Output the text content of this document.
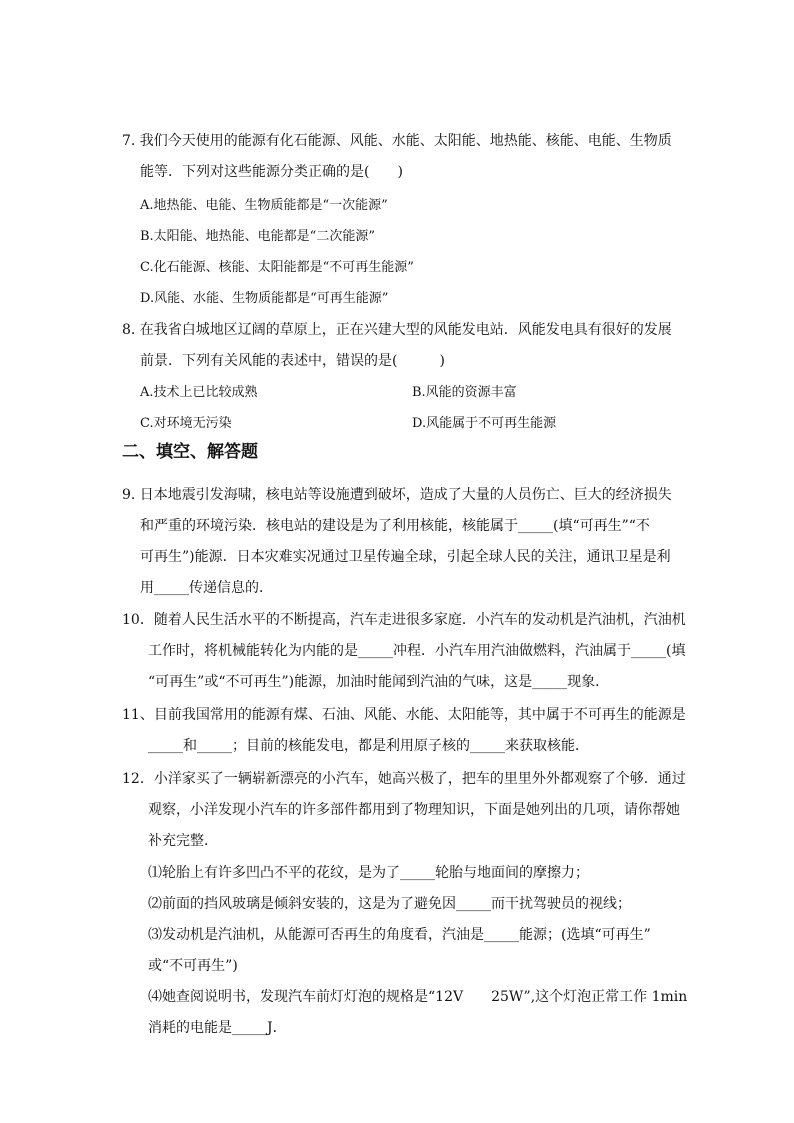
7. 我们今天使用的能源有化石能源、风能、水能、太阳能、地热能、核能、电能、生物质
能等．下列对这些能源分类正确的是(　　)
A.地热能、电能、生物质能都是“一次能源”
B.太阳能、地热能、电能都是“二次能源”
C.化石能源、核能、太阳能都是“不可再生能源”
D.风能、水能、生物质能都是“可再生能源”
8. 在我省白城地区辽阔的草原上，正在兴建大型的风能发电站．风能发电具有很好的发展
前景．下列有关风能的表述中，错误的是(　　　)
A.技术上已比较成熟	B.风能的资源丰富
C.对环境无污染	D.风能属于不可再生能源
二、填空、解答题
9. 日本地震引发海啸，核电站等设施遭到破坏，造成了大量的人员伤亡、巨大的经济损失
和严重的环境污染．核电站的建设是为了利用核能，核能属于_____(填“可再生”“不
可再生”)能源．日本灾难实况通过卫星传遍全球，引起全球人民的关注，通讯卫星是利
用_____传递信息的．
10．随着人民生活水平的不断提高，汽车走进很多家庭．小汽车的发动机是汽油机，汽油机
工作时，将机械能转化为内能的是_____冲程．小汽车用汽油做燃料，汽油属于_____(填
“可再生”或“不可再生”)能源，加油时能闻到汽油的气味，这是_____现象．
11、目前我国常用的能源有煤、石油、风能、水能、太阳能等，其中属于不可再生的能源是
_____和_____；目前的核能发电，都是利用原子核的_____来获取核能．
12．小洋家买了一辆崭新漂亮的小汽车，她高兴极了，把车的里里外外都观察了个够．通过
观察，小洋发现小汽车的许多部件都用到了物理知识，下面是她列出的几项，请你帮她
补充完整．
⑴轮胎上有许多凹凸不平的花纹，是为了_____轮胎与地面间的摩擦力；
⑵前面的挡风玻璃是倾斜安装的，这是为了避免因_____而干扰驾驶员的视线；
⑶发动机是汽油机，从能源可否再生的角度看，汽油是_____能源；(选填“可再生”
或“不可再生”)
⑷她查阅说明书，发现汽车前灯灯泡的规格是“12V　　25W”,这个灯泡正常工作 1min
消耗的电能是_____J．
